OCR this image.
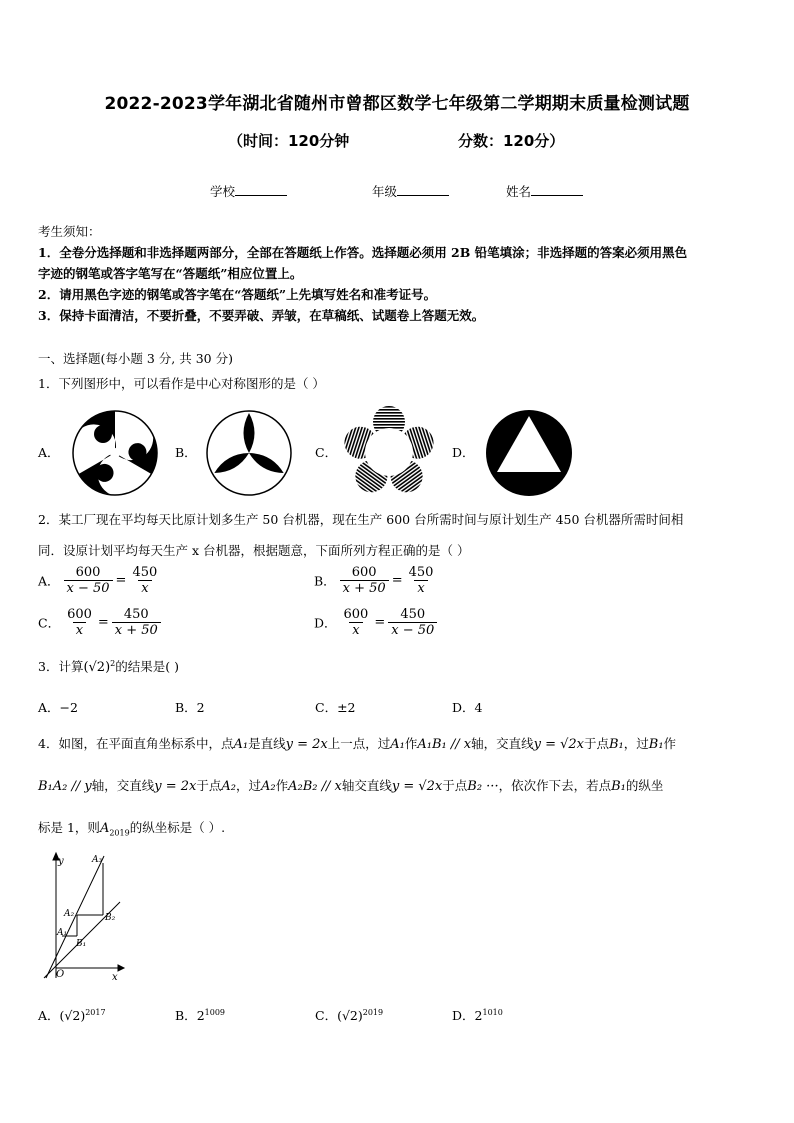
2022-2023学年湖北省随州市曾都区数学七年级第二学期期末质量检测试题
（时间：120分钟	分数：120分）
学校	年级	姓名
考生须知：
1．全卷分选择题和非选择题两部分，全部在答题纸上作答。选择题必须用 2B 铅笔填涂；非选择题的答案必须用黑色
字迹的钢笔或答字笔写在“答题纸”相应位置上。
2．请用黑色字迹的钢笔或答字笔在“答题纸”上先填写姓名和准考证号。
3．保持卡面清洁，不要折叠，不要弄破、弄皱，在草稿纸、试题卷上答题无效。
一、选择题(每小题 3 分, 共 30 分)
1．下列图形中，可以看作是中心对称图形的是（ ）
A．	B．	C．	D．
2．某工厂现在平均每天比原计划多生产 50 台机器，现在生产 600 台所需时间与原计划生产 450 台机器所需时间相
同．设原计划平均每天生产 x 台机器，根据题意，下面所列方程正确的是（ ）
A． $\frac{600}{x - 50} = \frac{450}{x}$	B． $\frac{600}{x + 50} = \frac{450}{x}$
C． $\frac{600}{x} = \frac{450}{x + 50}$	D． $\frac{600}{x} = \frac{450}{x - 50}$
3．计算$(√2)^2$的结果是( )
A．−2	B．2	C．±2	D．4
4．如图，在平面直角坐标系中，点A₁是直线y = 2x上一点，过A₁作A₁B₁ // x轴，交直线y = √2x于点B₁，过B₁作
B₁A₂ // y轴，交直线y = 2x于点A₂，过A₂作A₂B₂ // x轴交直线y = √2x于点B₂ ···，依次作下去，若点B₁的纵坐
标是 1，则$A_{2019}$的纵坐标是（ ）.
y
x
O
A₁
A₂
A₃
B₁
B₂
A．$(√2)^{2017}$	B．$2^{1009}$	C．$(√2)^{2019}$	D．$2^{1010}$
